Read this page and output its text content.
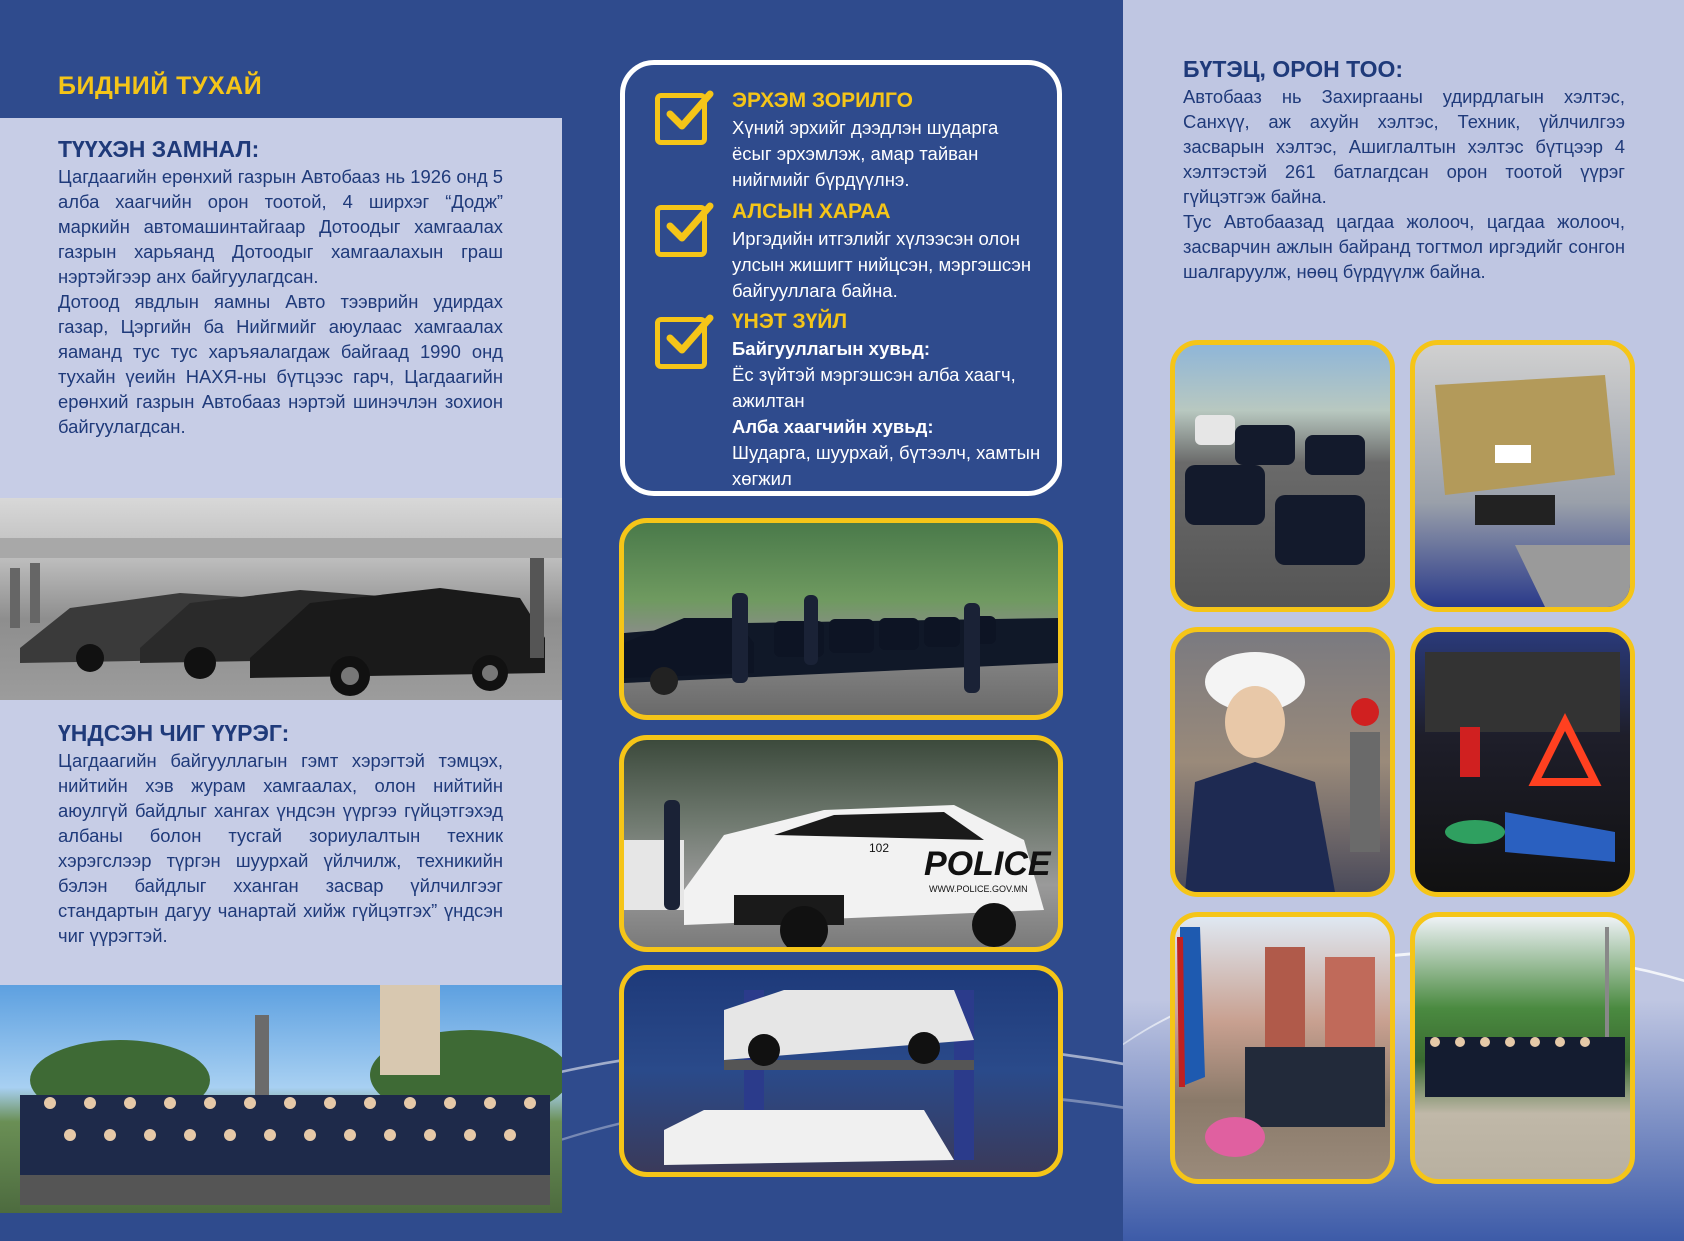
БИДНИЙ ТУХАЙ
ТҮҮХЭН ЗАМНАЛ:

Цагдаагийн ерөнхий газрын Автобааз нь 1926 онд 5 алба хаагчийн орон тоотой, 4 ширхэг “Додж” маркийн автомашинтайгаар Дотоодыг хамгаалах газрын харьяанд Дотоодыг хамгаалахын граш нэртэйгээр анх байгуулагдсан.

Дотоод явдлын яамны Авто тээврийн удирдах газар, Цэргийн ба Нийгмийг аюулаас хамгаалах яаманд тус тус харъяалагдаж байгаад 1990 онд тухайн үеийн НАХЯ-ны бүтцээс гарч, Цагдаагийн ерөнхий газрын Автобааз нэртэй шинэчлэн зохион байгуулагдсан.

ҮНДСЭН ЧИГ ҮҮРЭГ:
Цагдаагийн байгууллагын гэмт хэрэгтэй тэмцэх, нийтийн хэв журам хамгаалах, олон нийтийн аюулгүй байдлыг хангах үндсэн үүргээ гүйцэтгэхэд албаны болон тусгай зориулалтын техник хэрэгслээр түргэн шуурхай үйлчилж, техникийн бэлэн байдлыг хханган засвар үйлчилгээг стандартын дагуу чанартай хийж гүйцэтгэх” үндсэн чиг үүрэгтэй.
ЭРХЭМ ЗОРИЛГО
Хүний эрхийг дээдлэн шударга ёсыг эрхэмлэж, амар тайван нийгмийг бүрдүүлнэ.
АЛСЫН ХАРАА
Иргэдийн итгэлийг хүлээсэн олон улсын жишигт нийцсэн, мэргэшсэн байгууллага байна.
ҮНЭТ ЗҮЙЛ
Байгууллагын хувьд:
Ёс зүйтэй мэргэшсэн алба хаагч, ажилтан
Алба хаагчийн хувьд:
Шударга, шуурхай, бүтээлч, хамтын хөгжил
POLICE
WWW.POLICE.GOV.MN
102
БҮТЭЦ, ОРОН ТОО:

Автобааз нь Захиргааны удирдлагын хэлтэс, Санхүү, аж ахуйн хэлтэс, Техник, үйлчилгээ засварын хэлтэс, Ашиглалтын хэлтэс бүтцээр 4 хэлтэстэй 261 батлагдсан орон тоотой үүрэг гүйцэтгэж байна.

Тус Автобаазад цагдаа жолооч, цагдаа жолооч, засварчин ажлын байранд тогтмол иргэдийг сонгон шалгаруулж, нөөц бүрдүүлж байна.
